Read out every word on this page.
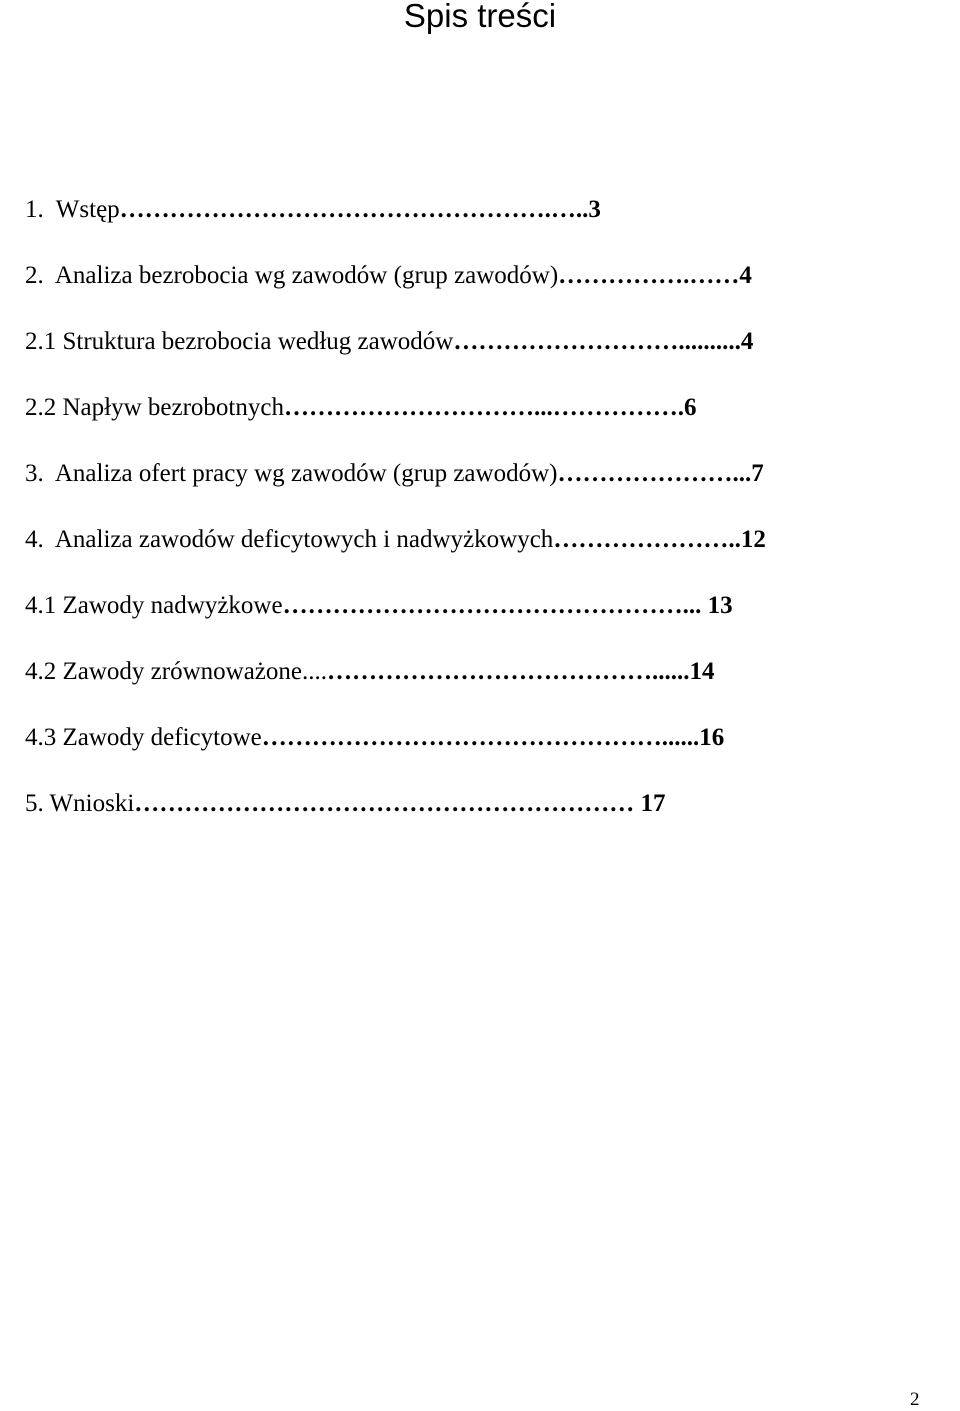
Spis treści

1.  Wstęp…………………………………………….…..3

2.  Analiza bezrobocia wg zawodów (grup zawodów)…………….……4

2.1 Struktura bezrobocia według zawodów………………………..........4

2.2 Napływ bezrobotnych…………………………...…………….6

3.  Analiza ofert pracy wg zawodów (grup zawodów)…………………...7

4.  Analiza zawodów deficytowych i nadwyżkowych…………………..12

4.1 Zawody nadwyżkowe…………………………………………... 13

4.2 Zawody zrównoważone....…………………………………......14

4.3 Zawody deficytowe…………………………………………......16

5. Wnioski…………………………………………………… 17

2
